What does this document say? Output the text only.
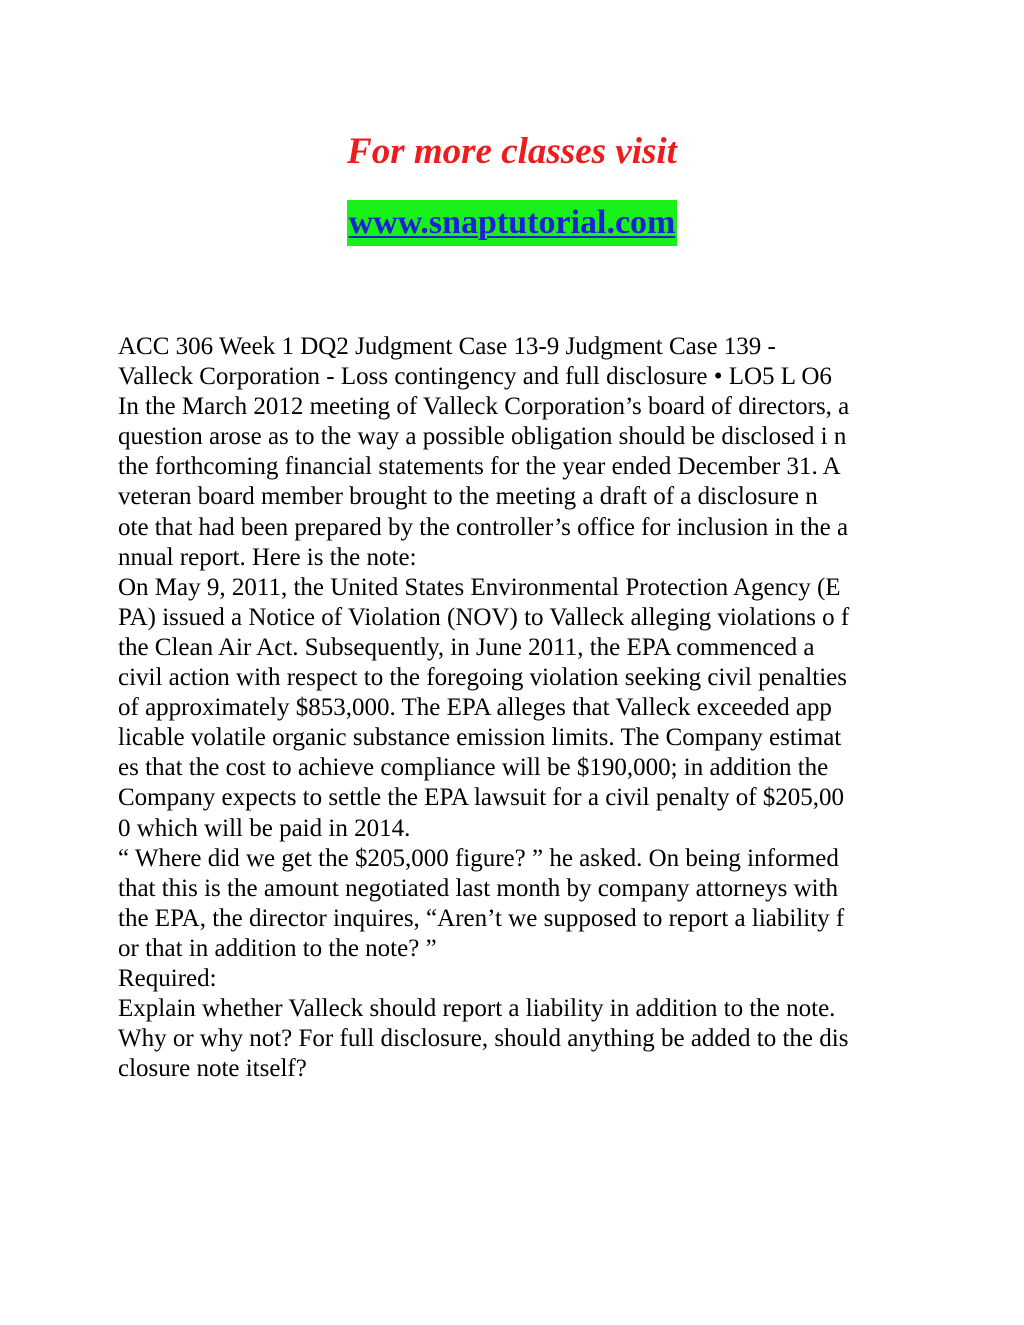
For more classes visit
www.snaptutorial.com
ACC 306 Week 1 DQ2 Judgment Case 13-9 Judgment Case 139 -
Valleck Corporation - Loss contingency and full disclosure • LO5 L O6
In the March 2012 meeting of Valleck Corporation’s board of directors, a
question arose as to the way a possible obligation should be disclosed i n
the forthcoming financial statements for the year ended December 31. A
veteran board member brought to the meeting a draft of a disclosure n
ote that had been prepared by the controller’s office for inclusion in the a
nnual report. Here is the note:
On May 9, 2011, the United States Environmental Protection Agency (E
PA) issued a Notice of Violation (NOV) to Valleck alleging violations o f
the Clean Air Act. Subsequently, in June 2011, the EPA commenced a
civil action with respect to the foregoing violation seeking civil penalties
of approximately $853,000. The EPA alleges that Valleck exceeded app
licable volatile organic substance emission limits. The Company estimat
es that the cost to achieve compliance will be $190,000; in addition the
Company expects to settle the EPA lawsuit for a civil penalty of $205,00
0 which will be paid in 2014.
“ Where did we get the $205,000 figure? ” he asked. On being informed
that this is the amount negotiated last month by company attorneys with
the EPA, the director inquires, “Aren’t we supposed to report a liability f
or that in addition to the note? ”
Required:
Explain whether Valleck should report a liability in addition to the note.
Why or why not? For full disclosure, should anything be added to the dis
closure note itself?
